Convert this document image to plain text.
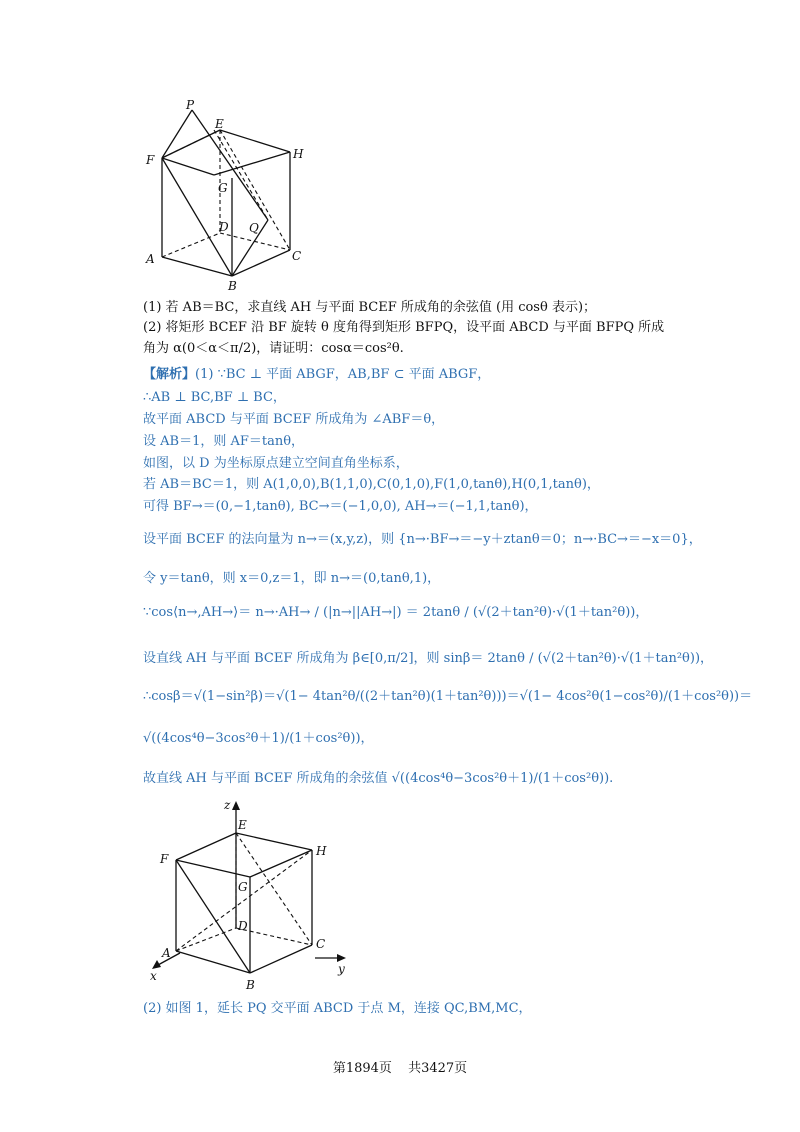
P
E
F	H
G
D Q
A	C
B
(1) 若 AB＝BC，求直线 AH 与平面 BCEF 所成角的余弦值 (用 cosθ 表示)；
(2) 将矩形 BCEF 沿 BF 旋转 θ 度角得到矩形 BFPQ，设平面 ABCD 与平面 BFPQ 所成
角为 α(0＜α＜π/2)，请证明：cosα＝cos²θ.
【解析】(1) ∵BC ⊥ 平面 ABGF，AB,BF ⊂ 平面 ABGF，
∴AB ⊥ BC,BF ⊥ BC，
故平面 ABCD 与平面 BCEF 所成角为 ∠ABF＝θ，
设 AB＝1，则 AF＝tanθ，
如图，以 D 为坐标原点建立空间直角坐标系，
若 AB＝BC＝1，则 A(1,0,0),B(1,1,0),C(0,1,0),F(1,0,tanθ),H(0,1,tanθ)，
可得 BF→＝(0,−1,tanθ), BC→＝(−1,0,0), AH→＝(−1,1,tanθ)，
设平面 BCEF 的法向量为 n→＝(x,y,z)，则 {n→·BF→＝−y＋ztanθ＝0；n→·BC→＝−x＝0}，
令 y＝tanθ，则 x＝0,z＝1，即 n→＝(0,tanθ,1)，
∵cos⟨n→,AH→⟩＝ n→·AH→ / (|n→||AH→|) ＝ 2tanθ / (√(2＋tan²θ)·√(1＋tan²θ))，
设直线 AH 与平面 BCEF 所成角为 β∈[0,π/2]，则 sinβ＝ 2tanθ / (√(2＋tan²θ)·√(1＋tan²θ))，
∴cosβ＝√(1−sin²β)＝√(1− 4tan²θ/((2＋tan²θ)(1＋tan²θ)))＝√(1− 4cos²θ(1−cos²θ)/(1＋cos²θ))＝
√((4cos⁴θ−3cos²θ＋1)/(1＋cos²θ))，
故直线 AH 与平面 BCEF 所成角的余弦值 √((4cos⁴θ−3cos²θ＋1)/(1＋cos²θ)).
z
E
F
H
G
D
A
C
B
x	y
(2) 如图 1，延长 PQ 交平面 ABCD 于点 M，连接 QC,BM,MC，
第1894页 共3427页
